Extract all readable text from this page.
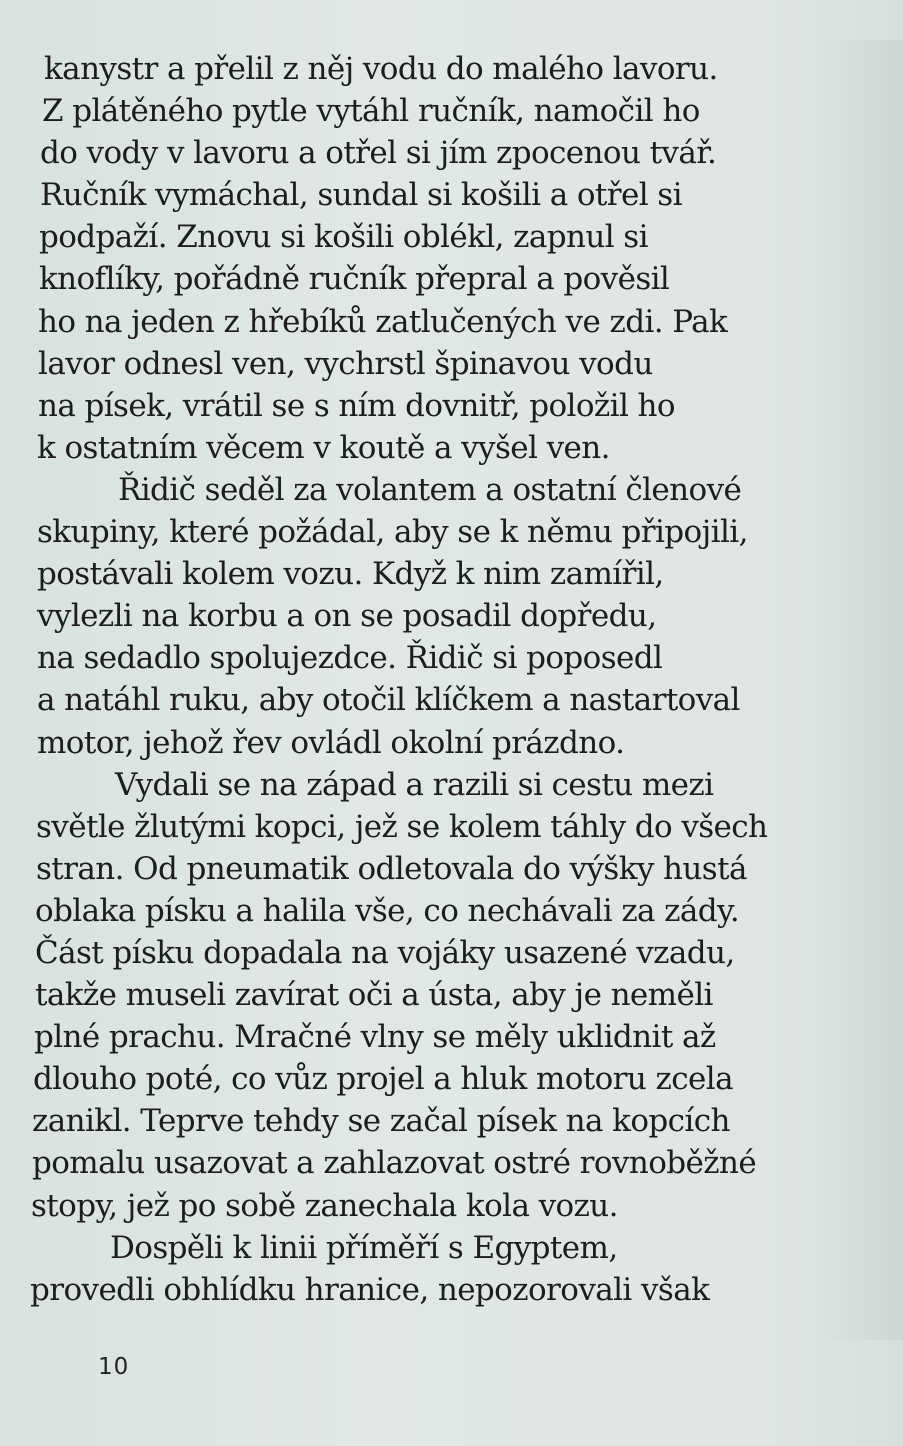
kanystr a přelil z něj vodu do malého lavoru.
Z plátěného pytle vytáhl ručník, namočil ho
do vody v lavoru a otřel si jím zpocenou tvář.
Ručník vymáchal, sundal si košili a otřel si
podpaží. Znovu si košili oblékl, zapnul si
knoflíky, pořádně ručník přepral a pověsil
ho na jeden z hřebíků zatlučených ve zdi. Pak
lavor odnesl ven, vychrstl špinavou vodu
na písek, vrátil se s ním dovnitř, položil ho
k ostatním věcem v koutě a vyšel ven.
Řidič seděl za volantem a ostatní členové
skupiny, které požádal, aby se k němu připojili,
postávali kolem vozu. Když k nim zamířil,
vylezli na korbu a on se posadil dopředu,
na sedadlo spolujezdce. Řidič si poposedl
a natáhl ruku, aby otočil klíčkem a nastartoval
motor, jehož řev ovládl okolní prázdno.
Vydali se na západ a razili si cestu mezi
světle žlutými kopci, jež se kolem táhly do všech
stran. Od pneumatik odletovala do výšky hustá
oblaka písku a halila vše, co nechávali za zády.
Část písku dopadala na vojáky usazené vzadu,
takže museli zavírat oči a ústa, aby je neměli
plné prachu. Mračné vlny se měly uklidnit až
dlouho poté, co vůz projel a hluk motoru zcela
zanikl. Teprve tehdy se začal písek na kopcích
pomalu usazovat a zahlazovat ostré rovnoběžné
stopy, jež po sobě zanechala kola vozu.
Dospěli k linii příměří s Egyptem,
provedli obhlídku hranice, nepozorovali však
10
